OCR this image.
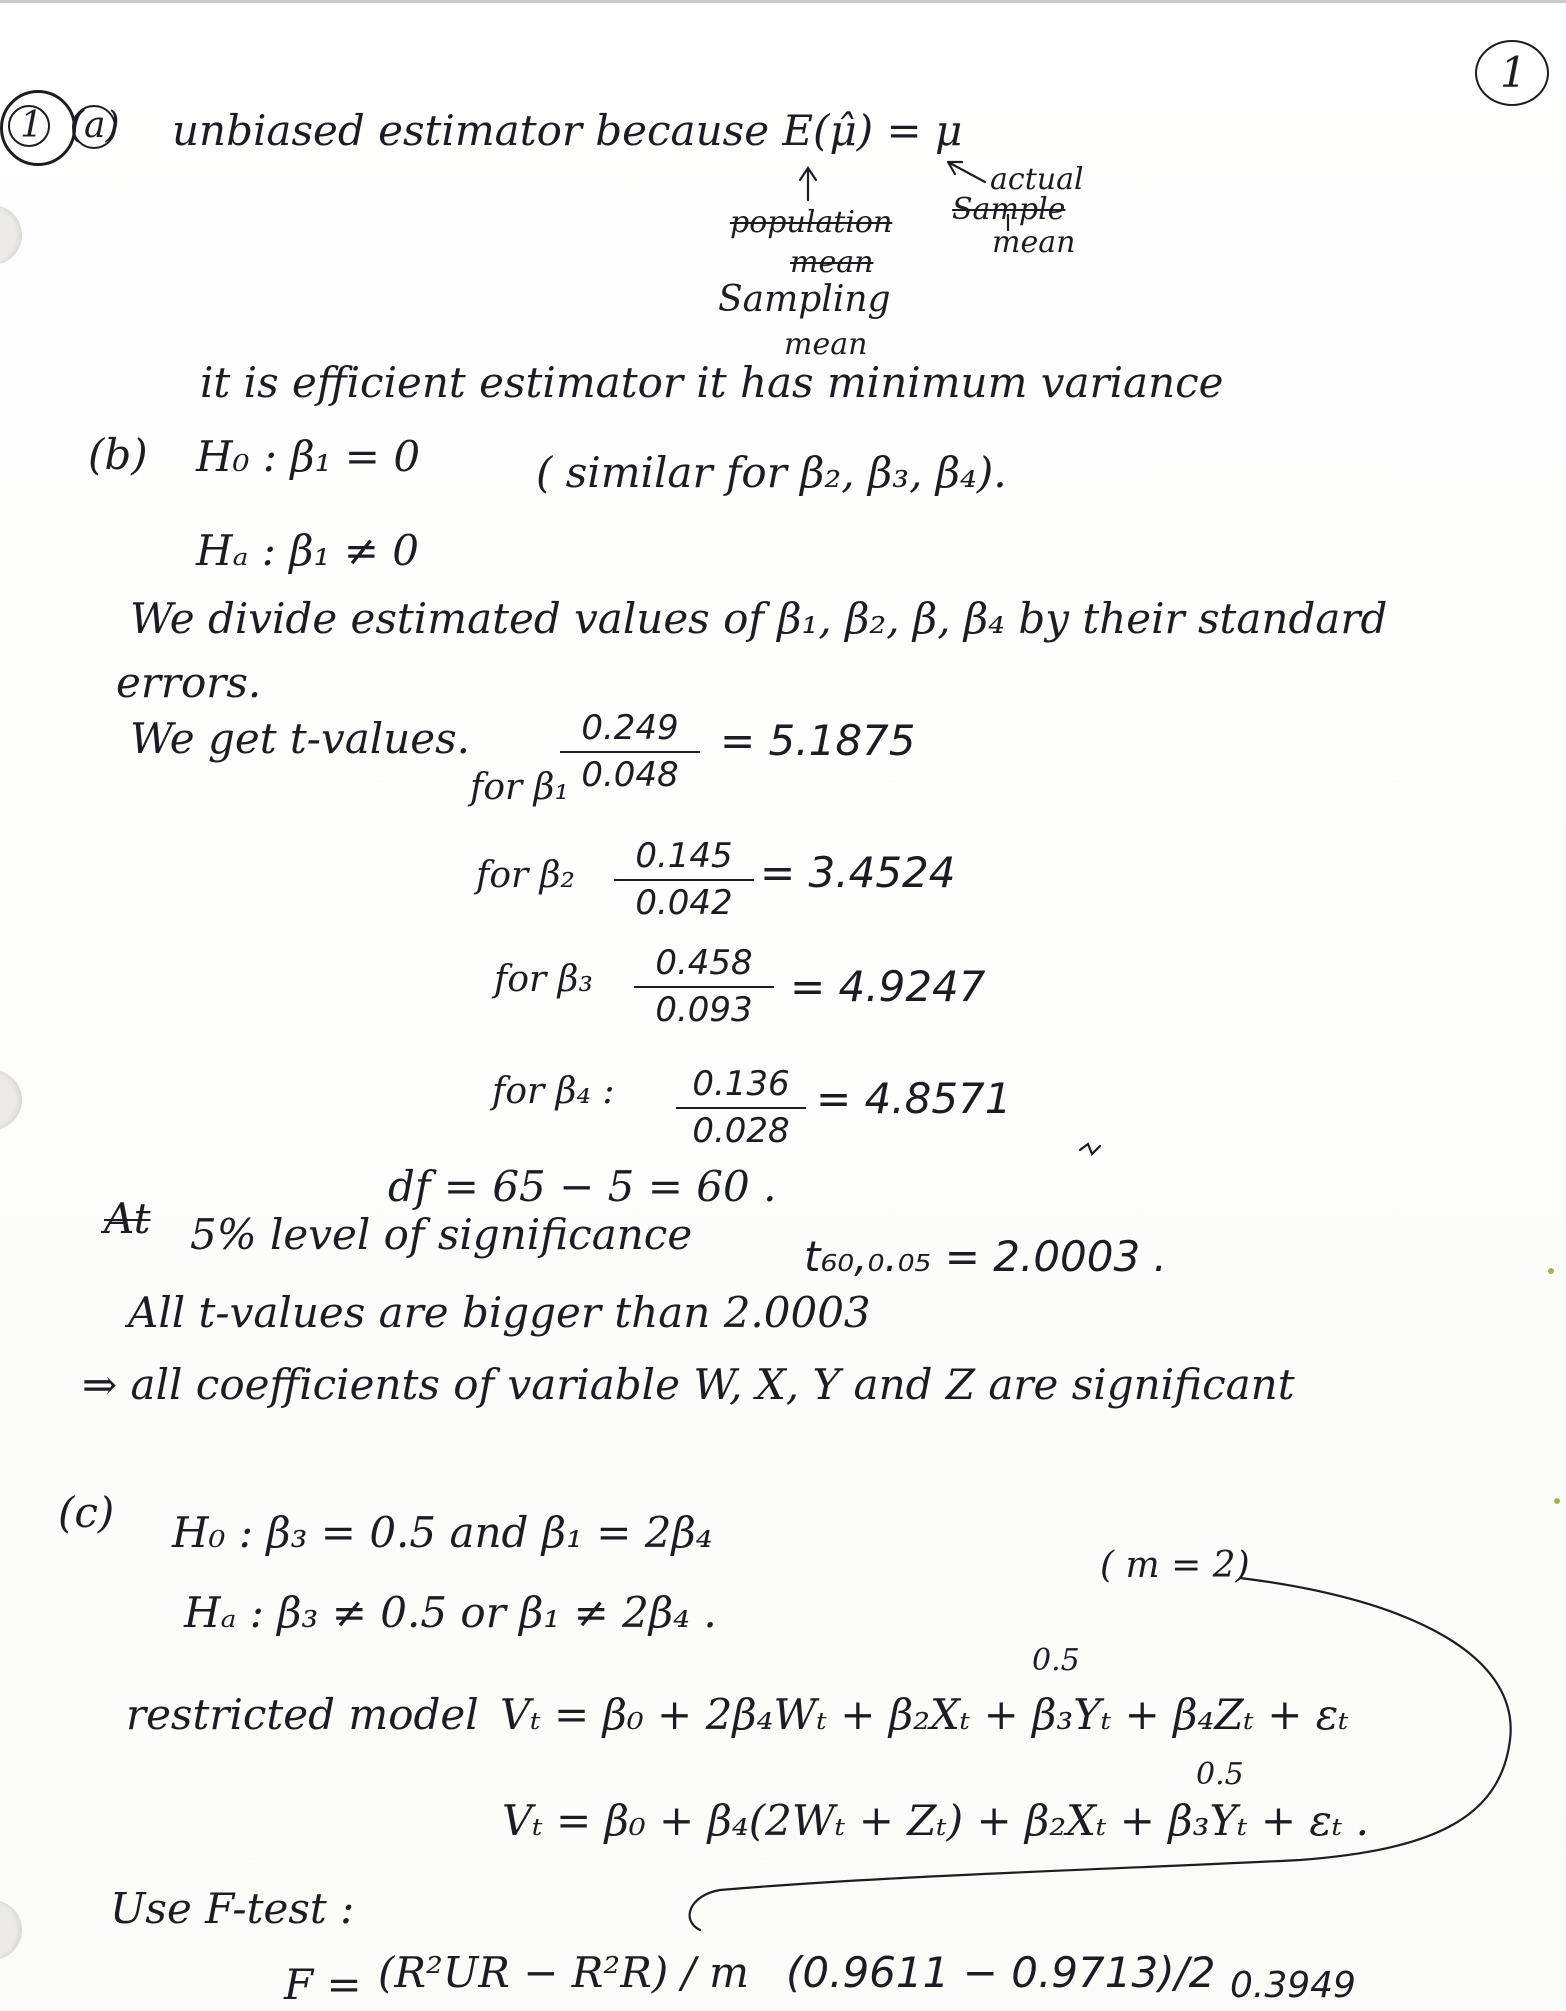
1
1 (a) unbiased estimator because E(μ̂) = μ
actual
Sample
mean
population
mean
Sampling
mean
it is efficient estimator it has minimum variance
(b) H₀ : β₁ = 0	( similar for β₂, β₃, β₄).
Hₐ : β₁ ≠ 0
We divide estimated values of β₁, β₂, β, β₄ by their standard
errors.
We get t-values.
for β₁
0.249
0.048
= 5.1875
for β₂	0.145
0.042
= 3.4524
for β₃	0.458
0.093 = 4.9247
for β₄ :	0.136
0.028
= 4.8571
df = 65 − 5 = 60 .
At 5% level of significance	t₆₀,₀.₀₅ = 2.0003 .
All t-values are bigger than 2.0003
⇒ all coefficients of variable W, X, Y and Z are significant
(c) H₀ : β₃ = 0.5 and β₁ = 2β₄
( m = 2)
Hₐ : β₃ ≠ 0.5 or β₁ ≠ 2β₄ .
0.5
restricted model Vₜ = β₀ + 2β₄Wₜ + β₂Xₜ + β₃Yₜ + β₄Zₜ + εₜ
0.5
Vₜ = β₀ + β₄(2Wₜ + Zₜ) + β₂Xₜ + β₃Yₜ + εₜ .
Use F-test :
F = (R²UR − R²R) / m (0.9611 − 0.9713)/2 0.3949
